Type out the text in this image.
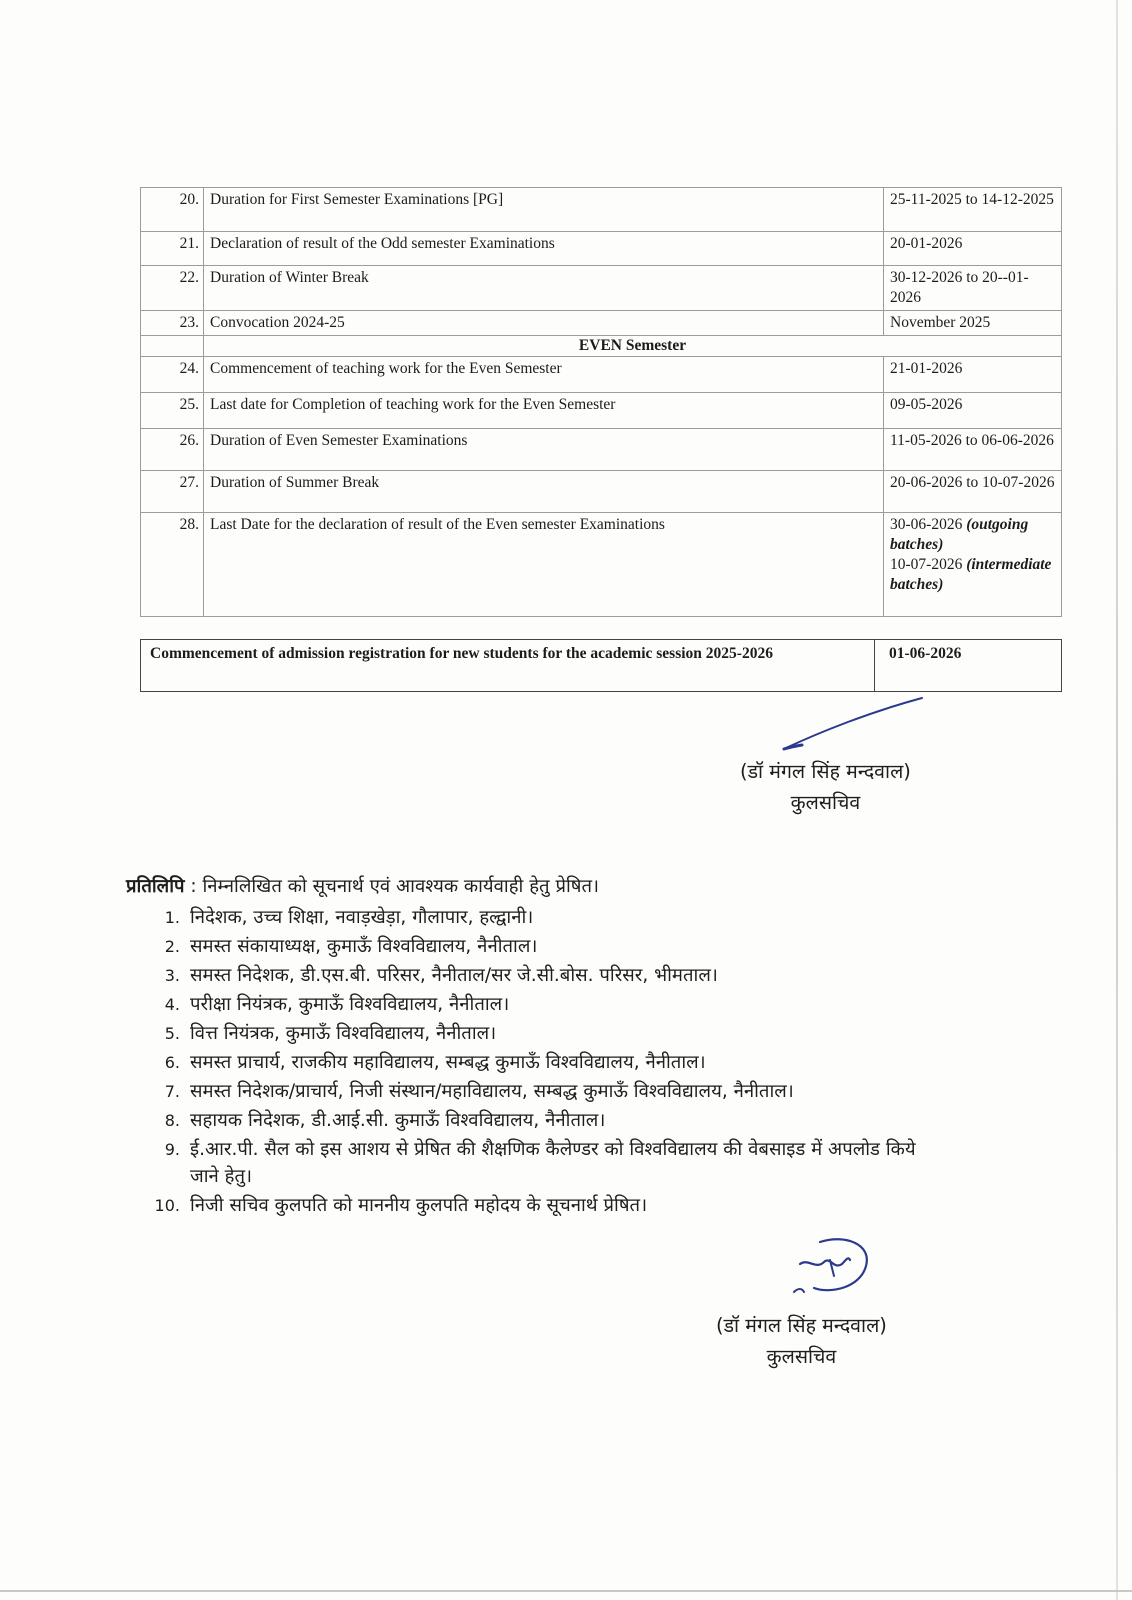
20.	Duration for First Semester Examinations [PG]	25-11-2025 to 14-12-2025
21.	Declaration of result of the Odd semester Examinations	20-01-2026
22.	Duration of Winter Break	30-12-2026 to 20--01-2026
23.	Convocation 2024-25	November 2025
	EVEN Semester	
24.	Commencement of teaching work for the Even Semester	21-01-2026
25.	Last date for Completion of teaching work for the Even Semester	09-05-2026
26.	Duration of Even Semester Examinations	11-05-2026 to 06-06-2026
27.	Duration of Summer Break	20-06-2026 to 10-07-2026
28.	Last Date for the declaration of result of the Even semester Examinations	30-06-2026 (outgoing batches)
10-07-2026 (intermediate batches)
Commencement of admission registration for new students for the academic session 2025-2026	01-06-2026
(डॉ मंगल सिंह मन्दवाल)
कुलसचिव
प्रतिलिपि : निम्नलिखित को सूचनार्थ एवं आवश्यक कार्यवाही हेतु प्रेषित।
1. निदेशक, उच्च शिक्षा, नवाड़खेड़ा, गौलापार, हल्द्वानी।
2. समस्त संकायाध्यक्ष, कुमाऊँ विश्वविद्यालय, नैनीताल।
3. समस्त निदेशक, डी.एस.बी. परिसर, नैनीताल/सर जे.सी.बोस. परिसर, भीमताल।
4. परीक्षा नियंत्रक, कुमाऊँ विश्वविद्यालय, नैनीताल।
5. वित्त नियंत्रक, कुमाऊँ विश्वविद्यालय, नैनीताल।
6. समस्त प्राचार्य, राजकीय महाविद्यालय, सम्बद्ध कुमाऊँ विश्वविद्यालय, नैनीताल।
7. समस्त निदेशक/प्राचार्य, निजी संस्थान/महाविद्यालय, सम्बद्ध कुमाऊँ विश्वविद्यालय, नैनीताल।
8. सहायक निदेशक, डी.आई.सी. कुमाऊँ विश्वविद्यालय, नैनीताल।
9. ई.आर.पी. सैल को इस आशय से प्रेषित की शैक्षणिक कैलेण्डर को विश्वविद्यालय की वेबसाइड में अपलोड किये जाने हेतु।
10. निजी सचिव कुलपति को माननीय कुलपति महोदय के सूचनार्थ प्रेषित।
(डॉ मंगल सिंह मन्दवाल)
कुलसचिव
